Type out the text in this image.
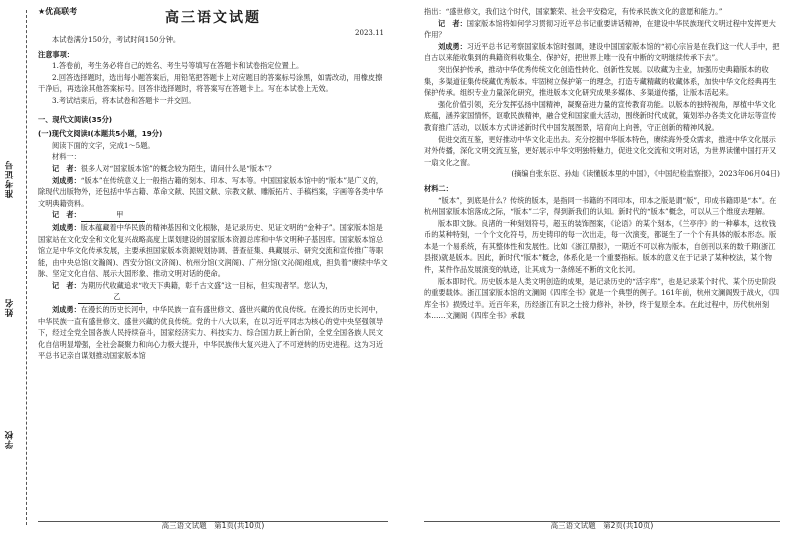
准考证号
姓名
学校
★优高联考	高三语文试题
2023.11

本试卷满分150分，考试时间150分钟。

注意事项：

1.答卷前，考生务必将自己的姓名、考生号等填写在答题卡和试卷指定位置上。

2.回答选择题时，选出每小题答案后，用铅笔把答题卡上对应题目的答案标号涂黑，如需改动，用橡皮擦干净后，再选涂其他答案标号。回答非选择题时，将答案写在答题卡上。写在本试卷上无效。

3.考试结束后，将本试卷和答题卡一并交回。

一、现代文阅读(35分)

(一)现代文阅读Ⅰ(本题共5小题，19分)

阅读下面的文字，完成1～5题。

材料一：

记　者：很多人对“国家版本馆”的概念较为陌生，请问什么是“版本”？

刘成勇：“版本”在传统意义上一般指古籍的刻本、印本、写本等。中国国家版本馆中的“版本”是广义的，除现代出版物外，还包括中华古籍、革命文献、民国文献、宗教文献、雕版拓片、手稿档案，字画等各类中华文明典籍资料。

记　者：	甲

刘成勇：版本蕴藏着中华民族的精神基因和文化根脉，是记录历史、见证文明的“金种子”。国家版本馆是国家站在文化安全和文化复兴战略高度上谋划建设的国家版本资源总库和中华文明种子基因库。国家版本馆总馆立足中华文化传承发展，主要承担国家版本资源规划协调、普查征集、典藏展示、研究交流和宣传推广等职能，由中央总馆(文瀚阁)、西安分馆(文济阁)、杭州分馆(文润阁)、广州分馆(文沁阁)组成，担负着“赓续中华文脉、坚定文化自信、展示大国形象、推动文明对话的使命。

记　者：为期历代收藏追求“收天下典籍，彰千古文盛”这一目标，但实现者罕。您认为，
乙

刘成勇：在漫长的历史长河中，中华民族一直有盛世修文、盛世兴藏的优良传统。在漫长的历史长河中，中华民族一直有盛世修文、盛世兴藏的优良传统。党的十八大以来，在以习近平同志为核心的党中央坚强领导下，经过全党全国各族人民持续奋斗，国家经济实力、科技实力、综合国力跃上新台阶，全党全国各族人民文化自信明显增强，全社会凝聚力和向心力极大提升，中华民族伟大复兴进入了不可逆转的历史进程。这为习近平总书记亲自谋划推动国家版本馆

高三语文试题　第1页(共10页)

指出：“盛世修文，我们这个时代，国家繁荣、社会平安稳定，有传承民族文化的意愿和能力。”

记　者：国家版本馆将如何学习贯彻习近平总书记重要讲话精神，在建设中华民族现代文明过程中发挥更大作用？

刘成勇：习近平总书记考察国家版本馆时强调，建设中国国家版本馆的“初心宗旨是在我们这一代人手中，把自古以来能收集到的典籍资料收集全、保护好，把世界上唯一没有中断的文明继续传承下去”。

突出保护传承，推动中华优秀传统文化创造性转化、创新性发展。以收藏为主业，加强历史典籍版本的收集，多渠道征集传统藏优秀版本。牢固树立保护第一的理念，打造专藏精藏的收藏体系，加快中华文化经典再生保护传承。组织专业力量深化研究，推进版本文化研究成果多媒体、多渠道传播，让版本活起来。

强化价值引领，充分发挥弘扬中国精神，凝聚奋进力量的宣传教育功能。以版本的独特视角，厚植中华文化底蕴，涵养家国情怀，讴歌民族精神，融合党和国家重大活动，围绕新时代成就，策划举办各类文化讲坛等宣传教育推广活动，以版本方式讲述新时代中国发展图景，培育向上向善，守正创新的精神风貌。

促进交流互鉴，更好推动中华文化走出去。充分挖掘中华版本特色，赓续海外受众需求，推进中华文化展示对外传播，深化文明交流互鉴，更好展示中华文明独特魅力，促进文化交流和文明对话，为世界读懂中国打开又一扇文化之窗。

(摘编自张东臣、孙灿《读懂版本里的中国》，《中国纪检监察报》，2023年06月04日)

材料二：

“版本”，到底是什么？传统的版本，是指同一书籍的不同印本，印本之版是谓“版”，印成书籍即是“本”。在杭州国家版本馆落成之际，“版本”二字，得到新我们的认知。新时代的“版本”概念，可以从三个维度去理解。

版本即文脉。良渚的一种刻划符号，超玉的装饰图案，《论语》的某个刻本，《兰亭序》的一种摹本，这枚钱币的某种特刻，一个个文化符号，历史铸印的每一次出走，每一次演变，都诞生了一个个有具体的版本形态。版本是一个易系统，有其整体性和发展性。比如《浙江鼎报》，一期近不可以称为版本，自创刊以来的数千期(浙江县报)就是版本。因此，新时代“版本”概念，体系化是一个重要指标。版本的意义在于记录了某种校法，某个物件，某件作品发展演变的轨迹，让其成为一条绵延不断的文化长河。

版本即时代。历史版本是人类文明创造的成果，是记录历史的“活字库”，也是记录某个时代、某个历史阶段的重要载体。浙江国家版本馆的文澜阁《四库全书》就是一个典型的例子。161年前，杭州文澜阁毁于战火，《四库全书》损毁过半。近百年来，历经浙江有识之士接力修补，补钞，终于复原全本。在此过程中，历代杭州刻本……文澜阁《四库全书》承载

高三语文试题　第2页(共10页)
